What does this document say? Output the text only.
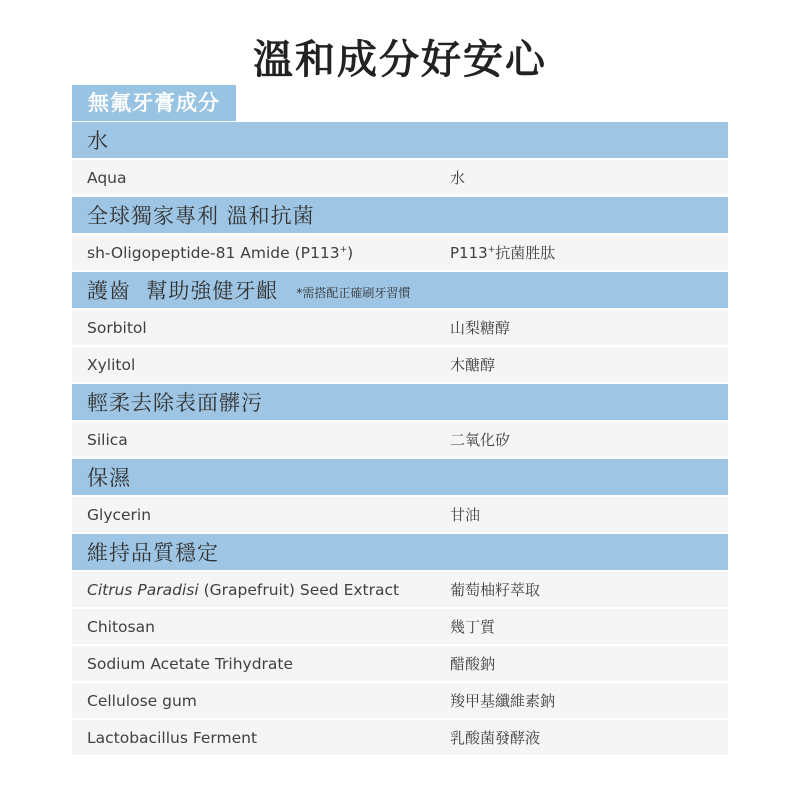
溫和成分好安心
無氟牙膏成分
水
Aqua	水
全球獨家專利 溫和抗菌
sh-Oligopeptide-81 Amide (P113+)	P113+抗菌胜肽
護齒  幫助強健牙齦 *需搭配正確刷牙習慣
Sorbitol	山梨糖醇
Xylitol	木醣醇
輕柔去除表面髒污
Silica	二氧化矽
保濕
Glycerin	甘油
維持品質穩定
Citrus Paradisi (Grapefruit) Seed Extract	葡萄柚籽萃取
Chitosan	幾丁質
Sodium Acetate Trihydrate	醋酸鈉
Cellulose gum	羧甲基纖維素鈉
Lactobacillus Ferment	乳酸菌發酵液
